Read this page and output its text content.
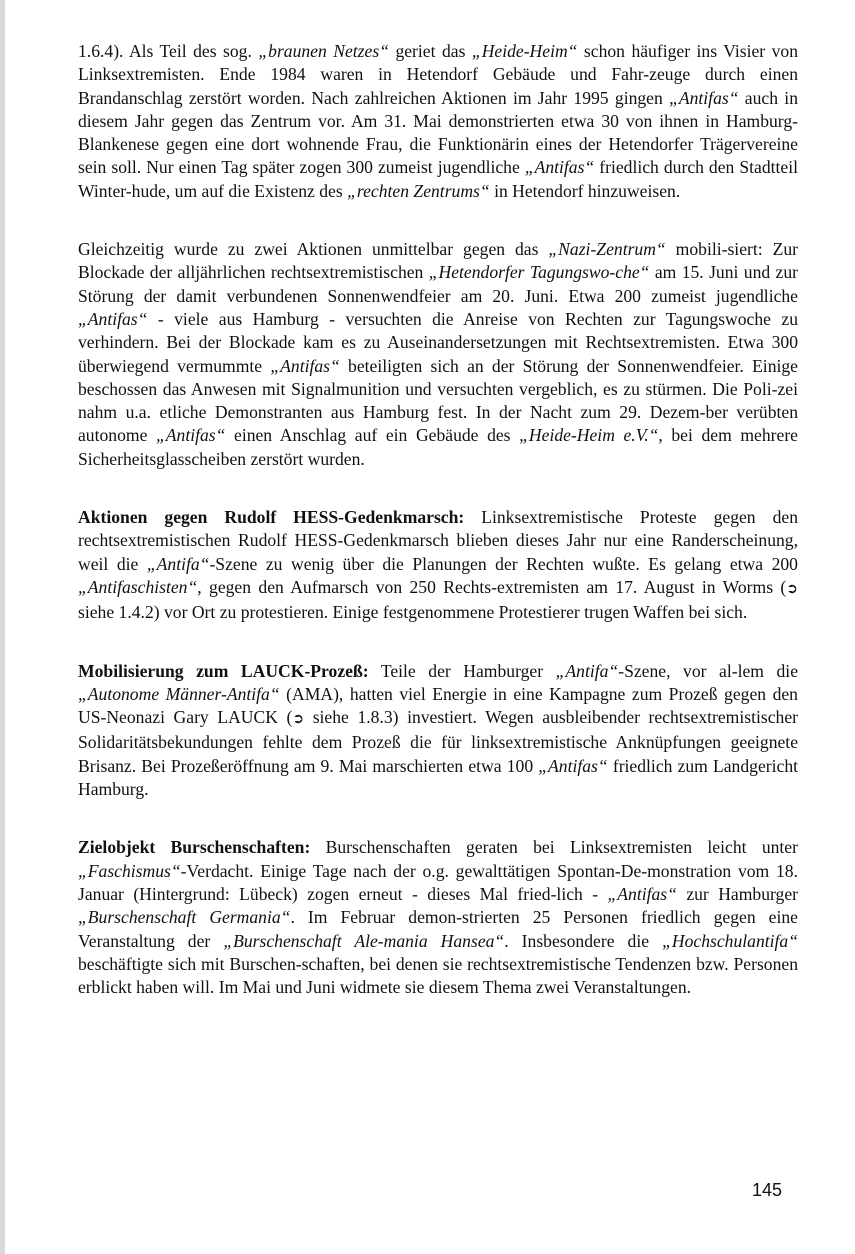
1.6.4). Als Teil des sog. „braunen Netzes“ geriet das „Heide-Heim“ schon häufiger ins Visier von Linksextremisten. Ende 1984 waren in Hetendorf Gebäude und Fahr-zeuge durch einen Brandanschlag zerstört worden. Nach zahlreichen Aktionen im Jahr 1995 gingen „Antifas“ auch in diesem Jahr gegen das Zentrum vor. Am 31. Mai demonstrierten etwa 30 von ihnen in Hamburg-Blankenese gegen eine dort wohnende Frau, die Funktionärin eines der Hetendorfer Trägervereine sein soll. Nur einen Tag später zogen 300 zumeist jugendliche „Antifas“ friedlich durch den Stadtteil Winter-hude, um auf die Existenz des „rechten Zentrums“ in Hetendorf hinzuweisen.

Gleichzeitig wurde zu zwei Aktionen unmittelbar gegen das „Nazi-Zentrum“ mobili-siert: Zur Blockade der alljährlichen rechtsextremistischen „Hetendorfer Tagungswo-che“ am 15. Juni und zur Störung der damit verbundenen Sonnenwendfeier am 20. Juni. Etwa 200 zumeist jugendliche „Antifas“ - viele aus Hamburg - versuchten die Anreise von Rechten zur Tagungswoche zu verhindern. Bei der Blockade kam es zu Auseinandersetzungen mit Rechtsextremisten. Etwa 300 überwiegend vermummte „Antifas“ beteiligten sich an der Störung der Sonnenwendfeier. Einige beschossen das Anwesen mit Signalmunition und versuchten vergeblich, es zu stürmen. Die Poli-zei nahm u.a. etliche Demonstranten aus Hamburg fest. In der Nacht zum 29. Dezem-ber verübten autonome „Antifas“ einen Anschlag auf ein Gebäude des „Heide-Heim e.V.“, bei dem mehrere Sicherheitsglasscheiben zerstört wurden.

Aktionen gegen Rudolf HESS-Gedenkmarsch: Linksextremistische Proteste gegen den rechtsextremistischen Rudolf HESS-Gedenkmarsch blieben dieses Jahr nur eine Randerscheinung, weil die „Antifa“-Szene zu wenig über die Planungen der Rechten wußte. Es gelang etwa 200 „Antifaschisten“, gegen den Aufmarsch von 250 Rechts-extremisten am 17. August in Worms (➲ siehe 1.4.2) vor Ort zu protestieren. Einige festgenommene Protestierer trugen Waffen bei sich.

Mobilisierung zum LAUCK-Prozeß: Teile der Hamburger „Antifa“-Szene, vor al-lem die „Autonome Männer-Antifa“ (AMA), hatten viel Energie in eine Kampagne zum Prozeß gegen den US-Neonazi Gary LAUCK (➲ siehe 1.8.3) investiert. Wegen ausbleibender rechtsextremistischer Solidaritätsbekundungen fehlte dem Prozeß die für linksextremistische Anknüpfungen geeignete Brisanz. Bei Prozeßeröffnung am 9. Mai marschierten etwa 100 „Antifas“ friedlich zum Landgericht Hamburg.

Zielobjekt Burschenschaften: Burschenschaften geraten bei Linksextremisten leicht unter „Faschismus“-Verdacht. Einige Tage nach der o.g. gewalttätigen Spontan-De-monstration vom 18. Januar (Hintergrund: Lübeck) zogen erneut - dieses Mal fried-lich - „Antifas“ zur Hamburger „Burschenschaft Germania“. Im Februar demon-strierten 25 Personen friedlich gegen eine Veranstaltung der „Burschenschaft Ale-mania Hansea“. Insbesondere die „Hochschulantifa“ beschäftigte sich mit Burschen-schaften, bei denen sie rechtsextremistische Tendenzen bzw. Personen erblickt haben will. Im Mai und Juni widmete sie diesem Thema zwei Veranstaltungen.

145
